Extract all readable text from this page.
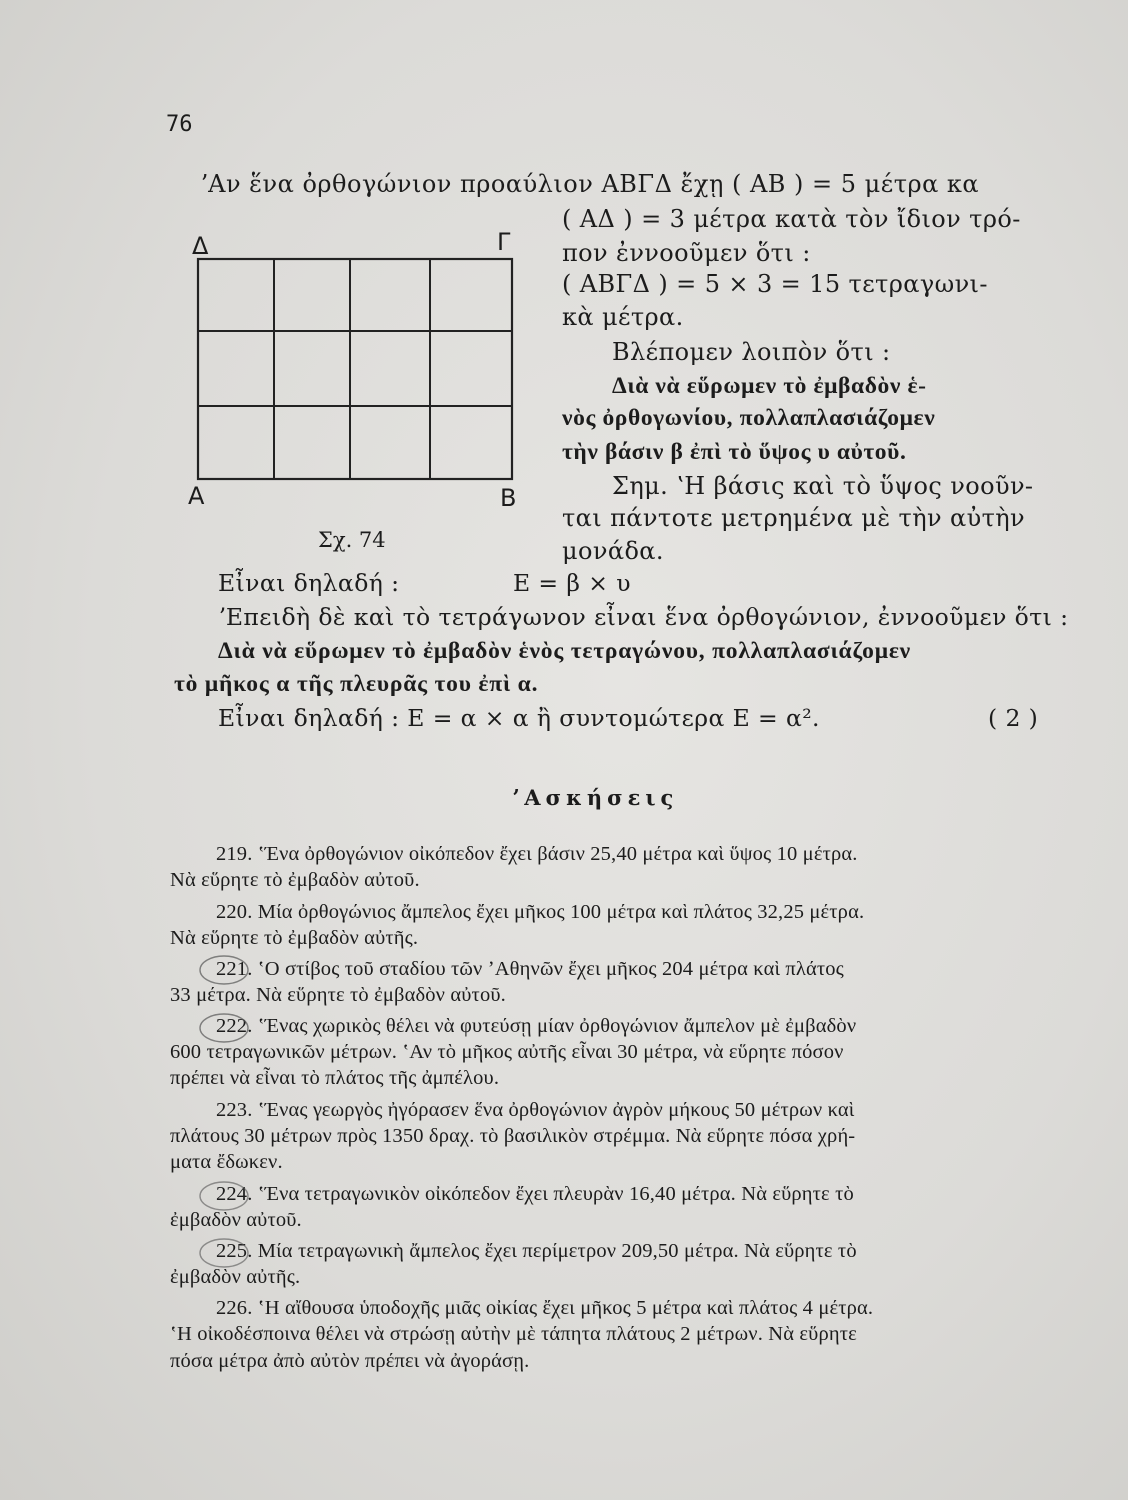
76
ʼΑν ἕνα ὀρθογώνιον προαύλιον ΑΒΓΔ ἔχῃ ( ΑΒ ) = 5 μέτρα κα
Δ	Γ
Α	Β
Σχ. 74
( ΑΔ ) = 3 μέτρα κατὰ τὸν ἴδιον τρό-
πον ἐννοοῦμεν ὅτι :
( ΑΒΓΔ ) = 5 × 3 = 15 τετραγωνι-
κὰ μέτρα.
Βλέπομεν λοιπὸν ὅτι :
Διὰ νὰ εὕρωμεν τὸ ἐμβαδὸν ἑ-
νὸς ὀρθογωνίου, πολλαπλασιάζομεν
τὴν βάσιν β ἐπὶ τὸ ὕψος υ αὐτοῦ.
Σημ. ʽΗ βάσις καὶ τὸ ὕψος νοοῦν-
ται πάντοτε μετρημένα μὲ τὴν αὐτὴν
μονάδα.
Εἶναι δηλαδή :	Ε = β × υ
ʼΕπειδὴ δὲ καὶ τὸ τετράγωνον εἶναι ἕνα ὀρθογώνιον, ἐννοοῦμεν ὅτι :
Διὰ νὰ εὕρωμεν τὸ ἐμβαδὸν ἑνὸς τετραγώνου, πολλαπλασιάζομεν
τὸ μῆκος α τῆς πλευρᾶς του ἐπὶ α.
Εἶναι δηλαδή : Ε = α × α ἢ συντομώτερα Ε = α².	( 2 )
ʼΑσκήσεις
219. ʽΈνα ὀρθογώνιον οἰκόπεδον ἔχει βάσιν 25,40 μέτρα καὶ ὕψος 10 μέτρα.
Νὰ εὕρητε τὸ ἐμβαδὸν αὐτοῦ.
220. Μία ὀρθογώνιος ἄμπελος ἔχει μῆκος 100 μέτρα καὶ πλάτος 32,25 μέτρα.
Νὰ εὕρητε τὸ ἐμβαδὸν αὐτῆς.
221. ʽΟ στίβος τοῦ σταδίου τῶν ʼΑθηνῶν ἔχει μῆκος 204 μέτρα καὶ πλάτος
33 μέτρα. Νὰ εὕρητε τὸ ἐμβαδὸν αὐτοῦ.
222. ʽΈνας χωρικὸς θέλει νὰ φυτεύσῃ μίαν ὀρθογώνιον ἄμπελον μὲ ἐμβαδὸν
600 τετραγωνικῶν μέτρων. ʽΑν τὸ μῆκος αὐτῆς εἶναι 30 μέτρα, νὰ εὕρητε πόσον
πρέπει νὰ εἶναι τὸ πλάτος τῆς ἀμπέλου.
223. ʽΈνας γεωργὸς ἠγόρασεν ἕνα ὀρθογώνιον ἀγρὸν μήκους 50 μέτρων καὶ
πλάτους 30 μέτρων πρὸς 1350 δραχ. τὸ βασιλικὸν στρέμμα. Νὰ εὕρητε πόσα χρή-
ματα ἔδωκεν.
224. ʽΈνα τετραγωνικὸν οἰκόπεδον ἔχει πλευρὰν 16,40 μέτρα. Νὰ εὕρητε τὸ
ἐμβαδὸν αὐτοῦ.
225. Μία τετραγωνικὴ ἄμπελος ἔχει περίμετρον 209,50 μέτρα. Νὰ εὕρητε τὸ
ἐμβαδὸν αὐτῆς.
226. ʽΗ αἴθουσα ὑποδοχῆς μιᾶς οἰκίας ἔχει μῆκος 5 μέτρα καὶ πλάτος 4 μέτρα.
ʽΗ οἰκοδέσποινα θέλει νὰ στρώσῃ αὐτὴν μὲ τάπητα πλάτους 2 μέτρων. Νὰ εὕρητε
πόσα μέτρα ἀπὸ αὐτὸν πρέπει νὰ ἀγοράσῃ.
